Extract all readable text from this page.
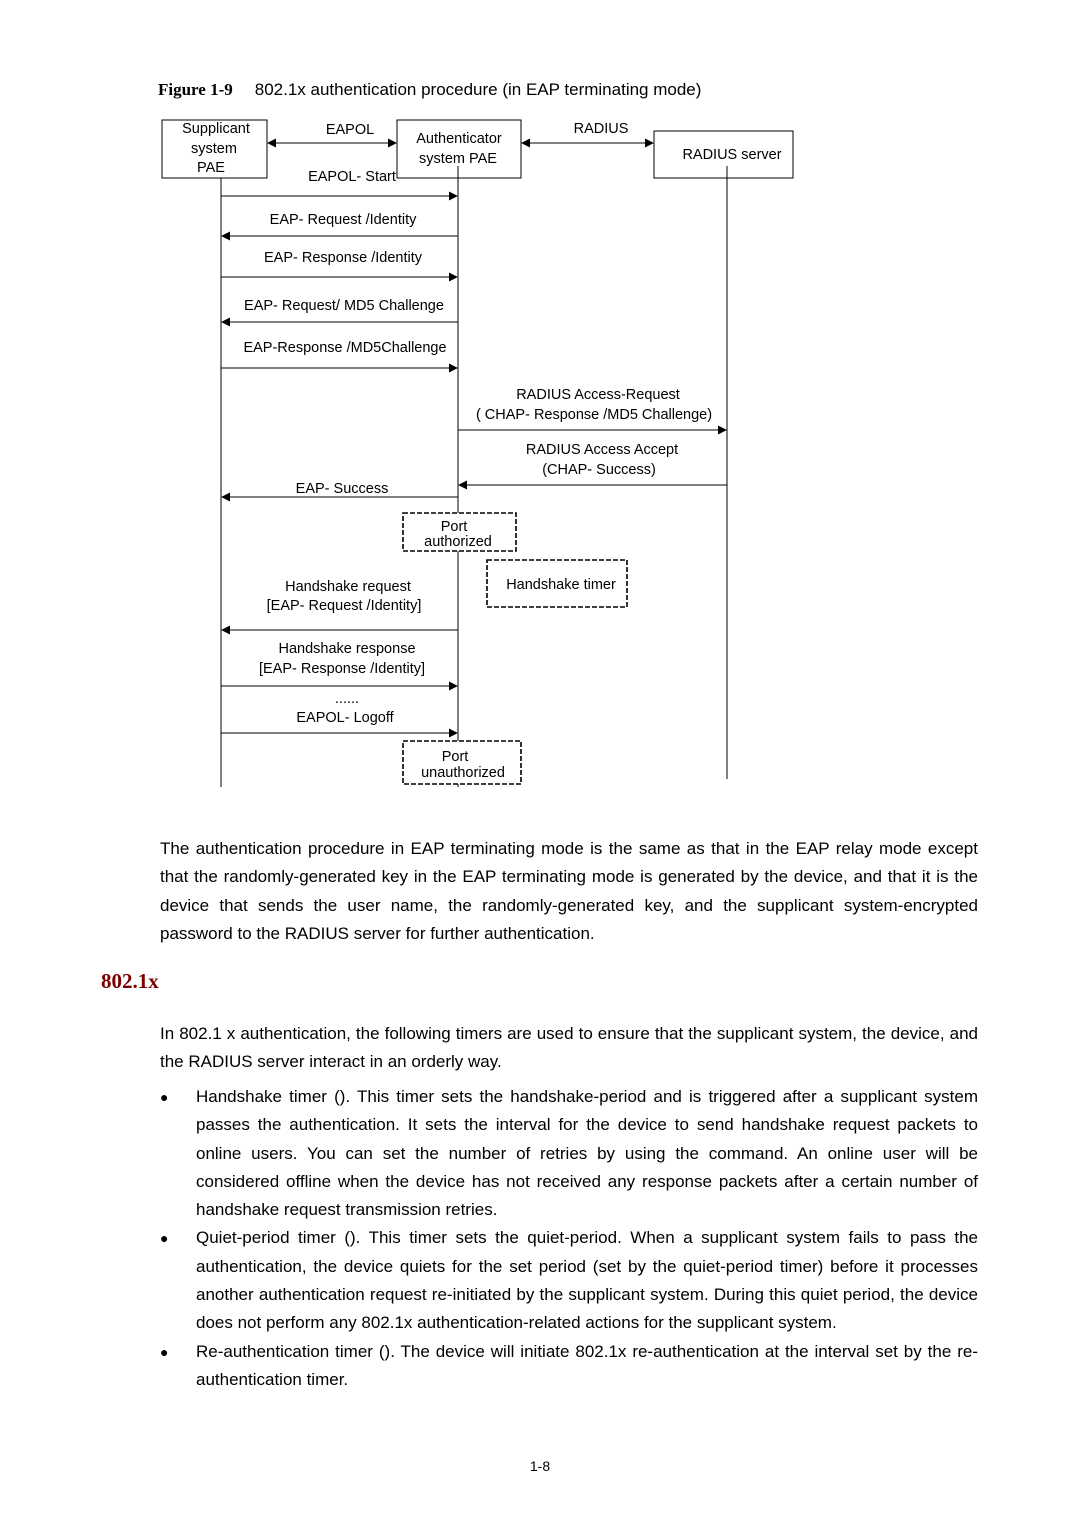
Figure 1-9 802.1x authentication procedure (in EAP terminating mode)
Supplicant
system
PAE
Authenticator
system PAE	RADIUS server
EAPOL	RADIUS
EAPOL- Start
EAP- Request /Identity
EAP- Response /Identity
EAP- Request/ MD5 Challenge
EAP-Response /MD5Challenge
RADIUS Access-Request
( CHAP- Response /MD5 Challenge)
RADIUS Access Accept
(CHAP- Success)
EAP- Success
Port
authorized
Handshake timer
Handshake request
[EAP- Request /Identity]
Handshake response
[EAP- Response /Identity]
......
EAPOL- Logoff
Port
unauthorized

The authentication procedure in EAP terminating mode is the same as that in the EAP relay mode except that the randomly-generated key in the EAP terminating mode is generated by the device, and that it is the device that sends the user name, the randomly-generated key, and the supplicant system-encrypted password to the RADIUS server for further authentication.

802.1x

In 802.1 x authentication, the following timers are used to ensure that the supplicant system, the device, and the RADIUS server interact in an orderly way.

● Handshake timer (). This timer sets the handshake-period and is triggered after a supplicant system passes the authentication. It sets the interval for the device to send handshake request packets to online users. You can set the number of retries by using the command. An online user will be considered offline when the device has not received any response packets after a certain number of handshake request transmission retries.
● Quiet-period timer (). This timer sets the quiet-period. When a supplicant system fails to pass the authentication, the device quiets for the set period (set by the quiet-period timer) before it processes another authentication request re-initiated by the supplicant system. During this quiet period, the device does not perform any 802.1x authentication-related actions for the supplicant system.
● Re-authentication timer (). The device will initiate 802.1x re-authentication at the interval set by the re-authentication timer.
1-8
